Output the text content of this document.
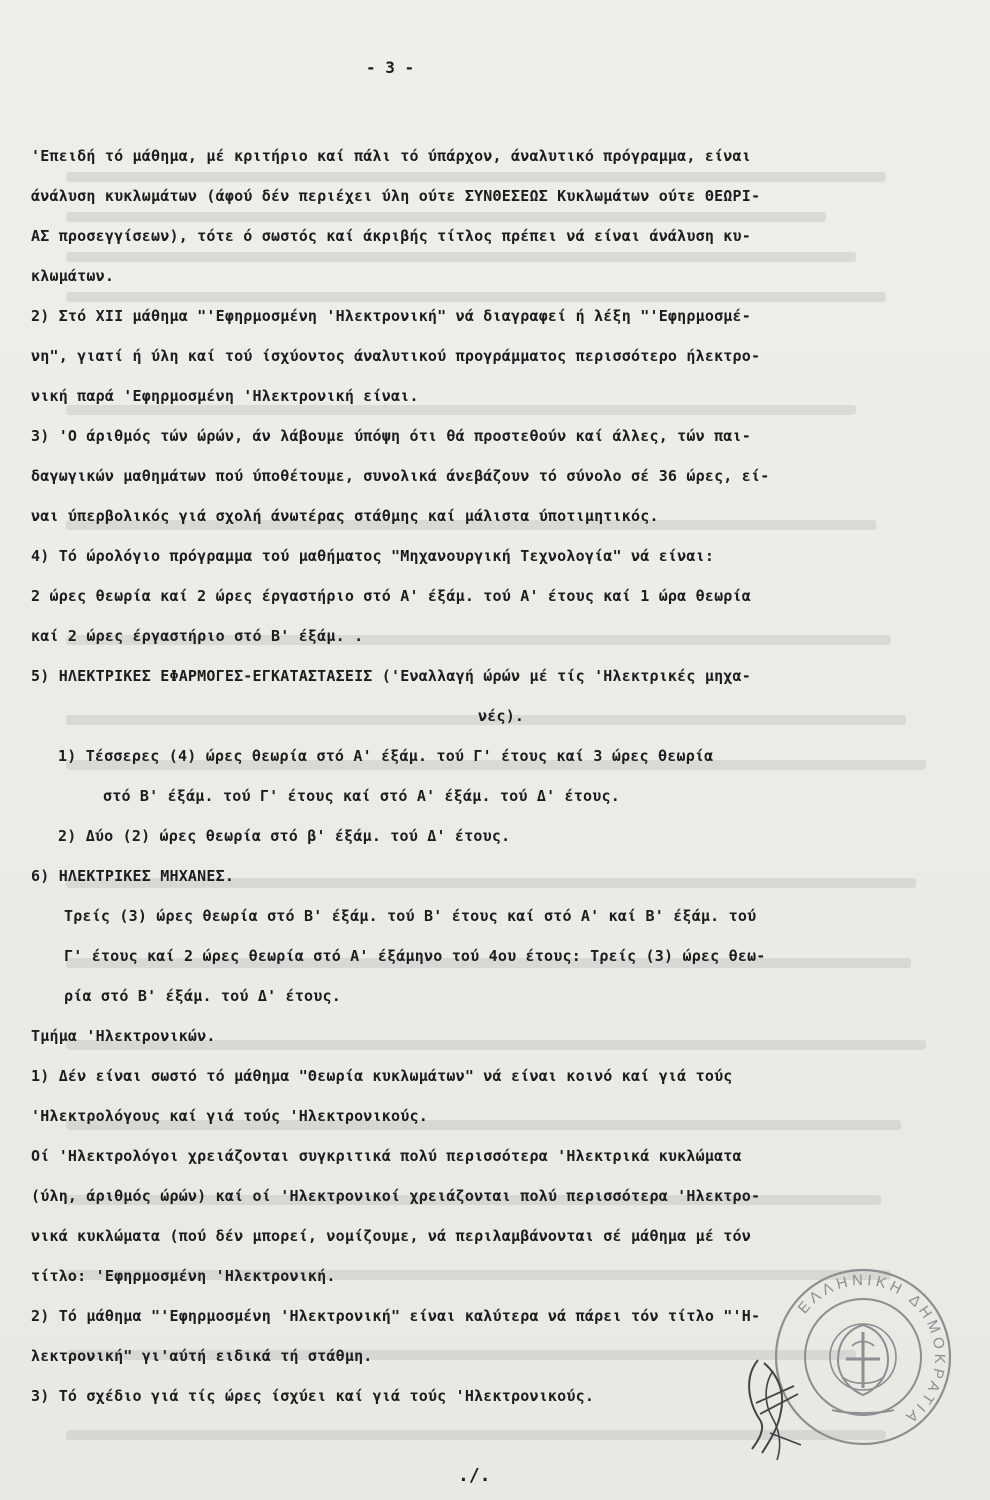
- 3 -
'Επειδή τό μάθημα, μέ κριτήριο καί πάλι τό ύπάρχον, άναλυτικό πρόγραμμα, είναι
άνάλυση κυκλωμάτων (άφού δέν περιέχει ύλη ούτε ΣΥΝΘΕΣΕΩΣ Κυκλωμάτων ούτε ΘΕΩΡΙ-
ΑΣ προσεγγίσεων), τότε ό σωστός καί άκριβής τίτλος πρέπει νά είναι άνάλυση κυ-
κλωμάτων.
2) Στό ΧΙΙ μάθημα "'Εφηρμοσμένη 'Ηλεκτρονική" νά διαγραφεί ή λέξη "'Εφηρμοσμέ-
νη", γιατί ή ύλη καί τού ίσχύοντος άναλυτικού προγράμματος περισσότερο ήλεκτρο-
νική παρά 'Εφηρμοσμένη 'Ηλεκτρονική είναι.
3) 'Ο άριθμός τών ώρών, άν λάβουμε ύπόψη ότι θά προστεθούν καί άλλες, τών παι-
δαγωγικών μαθημάτων πού ύποθέτουμε, συνολικά άνεβάζουν τό σύνολο σέ 36 ώρες, εί-
ναι ύπερβολικός γιά σχολή άνωτέρας στάθμης καί μάλιστα ύποτιμητικός.
4) Τό ώρολόγιο πρόγραμμα τού μαθήματος "Μηχανουργική Τεχνολογία" νά είναι:
2 ώρες θεωρία καί 2 ώρες έργαστήριο στό Α' έξάμ. τού Α' έτους καί 1 ώρα θεωρία
καί 2 ώρες έργαστήριο στό Β' έξάμ. .
5) ΗΛΕΚΤΡΙΚΕΣ ΕΦΑΡΜΟΓΕΣ-ΕΓΚΑΤΑΣΤΑΣΕΙΣ ('Εναλλαγή ώρών μέ τίς 'Ηλεκτρικές μηχα-
νές).
1) Τέσσερες (4) ώρες θεωρία στό Α' έξάμ. τού Γ' έτους καί 3 ώρες θεωρία
στό Β' έξάμ. τού Γ' έτους καί στό Α' έξάμ. τού Δ' έτους.
2) Δύο (2) ώρες θεωρία στό β' έξάμ. τού Δ' έτους.
6) ΗΛΕΚΤΡΙΚΕΣ ΜΗΧΑΝΕΣ.
Τρείς (3) ώρες θεωρία στό Β' έξάμ. τού Β' έτους καί στό Α' καί Β' έξάμ. τού
Γ' έτους καί 2 ώρες θεωρία στό Α' έξάμηνο τού 4ου έτους: Τρείς (3) ώρες θεω-
ρία στό Β' έξάμ. τού Δ' έτους.
Τμήμα 'Ηλεκτρονικών.
1) Δέν είναι σωστό τό μάθημα "Θεωρία κυκλωμάτων" νά είναι κοινό καί γιά τούς
'Ηλεκτρολόγους καί γιά τούς 'Ηλεκτρονικούς.
Οί 'Ηλεκτρολόγοι χρειάζονται συγκριτικά πολύ περισσότερα 'Ηλεκτρικά κυκλώματα
(ύλη, άριθμός ώρών) καί οί 'Ηλεκτρονικοί χρειάζονται πολύ περισσότερα 'Ηλεκτρο-
νικά κυκλώματα (πού δέν μπορεί, νομίζουμε, νά περιλαμβάνονται σέ μάθημα μέ τόν
τίτλο: 'Εφηρμοσμένη 'Ηλεκτρονική.
2) Τό μάθημα "'Εφηρμοσμένη 'Ηλεκτρονική" είναι καλύτερα νά πάρει τόν τίτλο "'Η-
λεκτρονική" γι'αύτή ειδικά τή στάθμη.
3) Τό σχέδιο γιά τίς ώρες ίσχύει καί γιά τούς 'Ηλεκτρονικούς.
ΕΛΛΗΝΙΚΗ ΔΗΜΟΚΡΑΤΙΑ
./.
